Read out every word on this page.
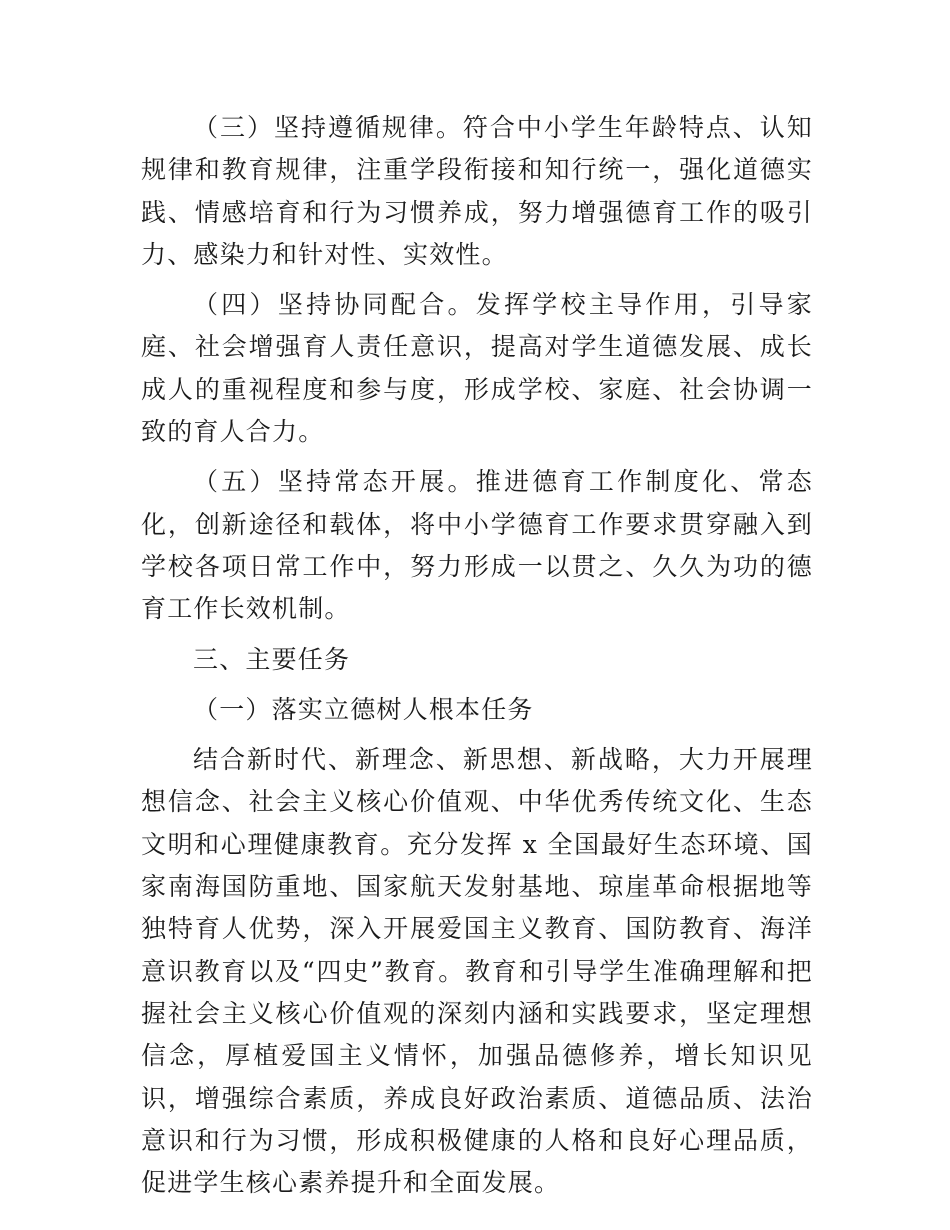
（三）坚持遵循规律。符合中小学生年龄特点、认知规律和教育规律，注重学段衔接和知行统一，强化道德实践、情感培育和行为习惯养成，努力增强德育工作的吸引力、感染力和针对性、实效性。

（四）坚持协同配合。发挥学校主导作用，引导家庭、社会增强育人责任意识，提高对学生道德发展、成长成人的重视程度和参与度，形成学校、家庭、社会协调一致的育人合力。

（五）坚持常态开展。推进德育工作制度化、常态化，创新途径和载体，将中小学德育工作要求贯穿融入到学校各项日常工作中，努力形成一以贯之、久久为功的德育工作长效机制。

三、主要任务

（一）落实立德树人根本任务

结合新时代、新理念、新思想、新战略，大力开展理想信念、社会主义核心价值观、中华优秀传统文化、生态文明和心理健康教育。充分发挥 x 全国最好生态环境、国家南海国防重地、国家航天发射基地、琼崖革命根据地等独特育人优势，深入开展爱国主义教育、国防教育、海洋意识教育以及“四史”教育。教育和引导学生准确理解和把握社会主义核心价值观的深刻内涵和实践要求，坚定理想信念，厚植爱国主义情怀，加强品德修养，增长知识见识，增强综合素质，养成良好政治素质、道德品质、法治意识和行为习惯，形成积极健康的人格和良好心理品质，促进学生核心素养提升和全面发展。
